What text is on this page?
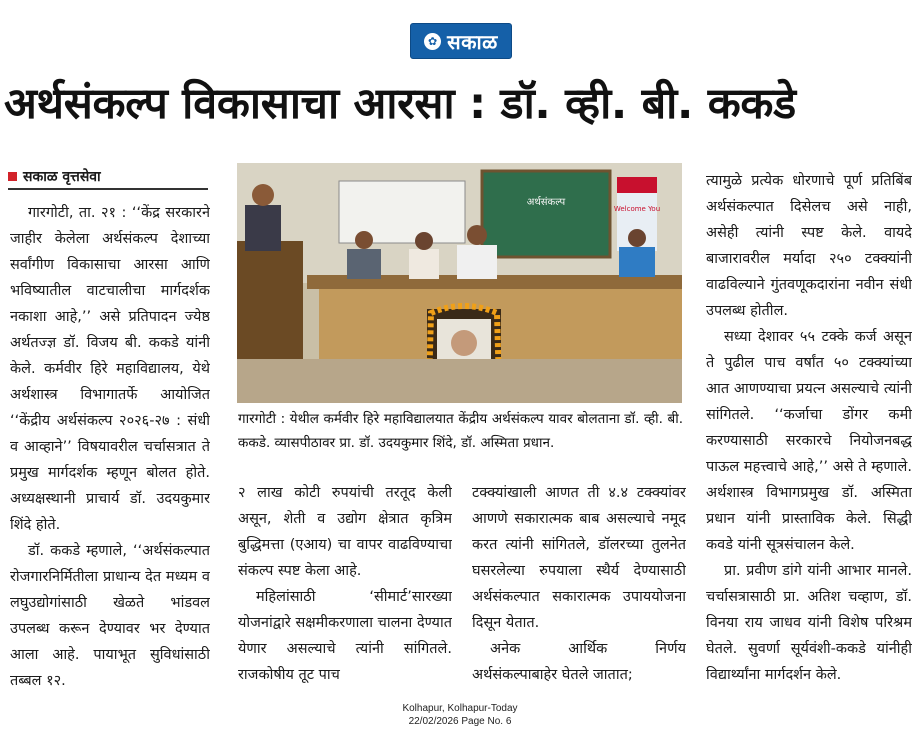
✿ सकाळ
अर्थसंकल्प विकासाचा आरसा : डॉ. व्ही. बी. ककडे
सकाळ वृत्तसेवा

गारगोटी, ता. २१ : ‘‘केंद्र सरकारने जाहीर केलेला अर्थसंकल्प देशाच्या सर्वांगीण विकासाचा आरसा आणि भविष्यातील वाटचालीचा मार्गदर्शक नकाशा आहे,’’ असे प्रतिपादन ज्येष्ठ अर्थतज्ज्ञ डॉ. विजय बी. ककडे यांनी केले. कर्मवीर हिरे महाविद्यालय, येथे अर्थशास्त्र विभागातर्फे आयोजित ‘‘केंद्रीय अर्थसंकल्प २०२६-२७ : संधी व आव्हाने’’ विषयावरील चर्चासत्रात ते प्रमुख मार्गदर्शक म्हणून बोलत होते. अध्यक्षस्थानी प्राचार्य डॉ. उदयकुमार शिंदे होते.

डॉ. ककडे म्हणाले, ‘‘अर्थसंकल्पात रोजगारनिर्मितीला प्राधान्य देत मध्यम व लघुउद्योगांसाठी खेळते भांडवल उपलब्ध करून देण्यावर भर देण्यात आला आहे. पायाभूत सुविधांसाठी तब्बल १२.

अर्थसंकल्प
Welcome You

गारगोटी : येथील कर्मवीर हिरे महाविद्यालयात केंद्रीय अर्थसंकल्प यावर बोलताना डॉ. व्ही. बी. ककडे. व्यासपीठावर प्रा. डॉ. उदयकुमार शिंदे, डॉ. अस्मिता प्रधान.

२ लाख कोटी रुपयांची तरतूद केली असून, शेती व उद्योग क्षेत्रात कृत्रिम बुद्धिमत्ता (एआय) चा वापर वाढविण्याचा संकल्प स्पष्ट केला आहे.

महिलांसाठी ‘सीमार्ट’सारख्या योजनांद्वारे सक्षमीकरणाला चालना देण्यात येणार असल्याचे त्यांनी सांगितले. राजकोषीय तूट पाच

टक्क्यांखाली आणत ती ४.४ टक्क्यांवर आणणे सकारात्मक बाब असल्याचे नमूद करत त्यांनी सांगितले, डॉलरच्या तुलनेत घसरलेल्या रुपयाला स्थैर्य देण्यासाठी अर्थसंकल्पात सकारात्मक उपाययोजना दिसून येतात.

अनेक आर्थिक निर्णय अर्थसंकल्पाबाहेर घेतले जातात;

त्यामुळे प्रत्येक धोरणाचे पूर्ण प्रतिबिंब अर्थसंकल्पात दिसेलच असे नाही, असेही त्यांनी स्पष्ट केले. वायदे बाजारावरील मर्यादा २५० टक्क्यांनी वाढविल्याने गुंतवणूकदारांना नवीन संधी उपलब्ध होतील.

सध्या देशावर ५५ टक्के कर्ज असून ते पुढील पाच वर्षांत ५० टक्क्यांच्या आत आणण्याचा प्रयत्न असल्याचे त्यांनी सांगितले. ‘‘कर्जाचा डोंगर कमी करण्यासाठी सरकारचे नियोजनबद्ध पाऊल महत्त्वाचे आहे,’’ असे ते म्हणाले. अर्थशास्त्र विभागप्रमुख डॉ. अस्मिता प्रधान यांनी प्रास्ताविक केले. सिद्धी कवडे यांनी सूत्रसंचालन केले.

प्रा. प्रवीण डांगे यांनी आभार मानले. चर्चासत्रासाठी प्रा. अतिश चव्हाण, डॉ. विनया राय जाधव यांनी विशेष परिश्रम घेतले. सुवर्णा सूर्यवंशी-ककडे यांनीही विद्यार्थ्यांना मार्गदर्शन केले.

Kolhapur, Kolhapur-Today
22/02/2026 Page No. 6
